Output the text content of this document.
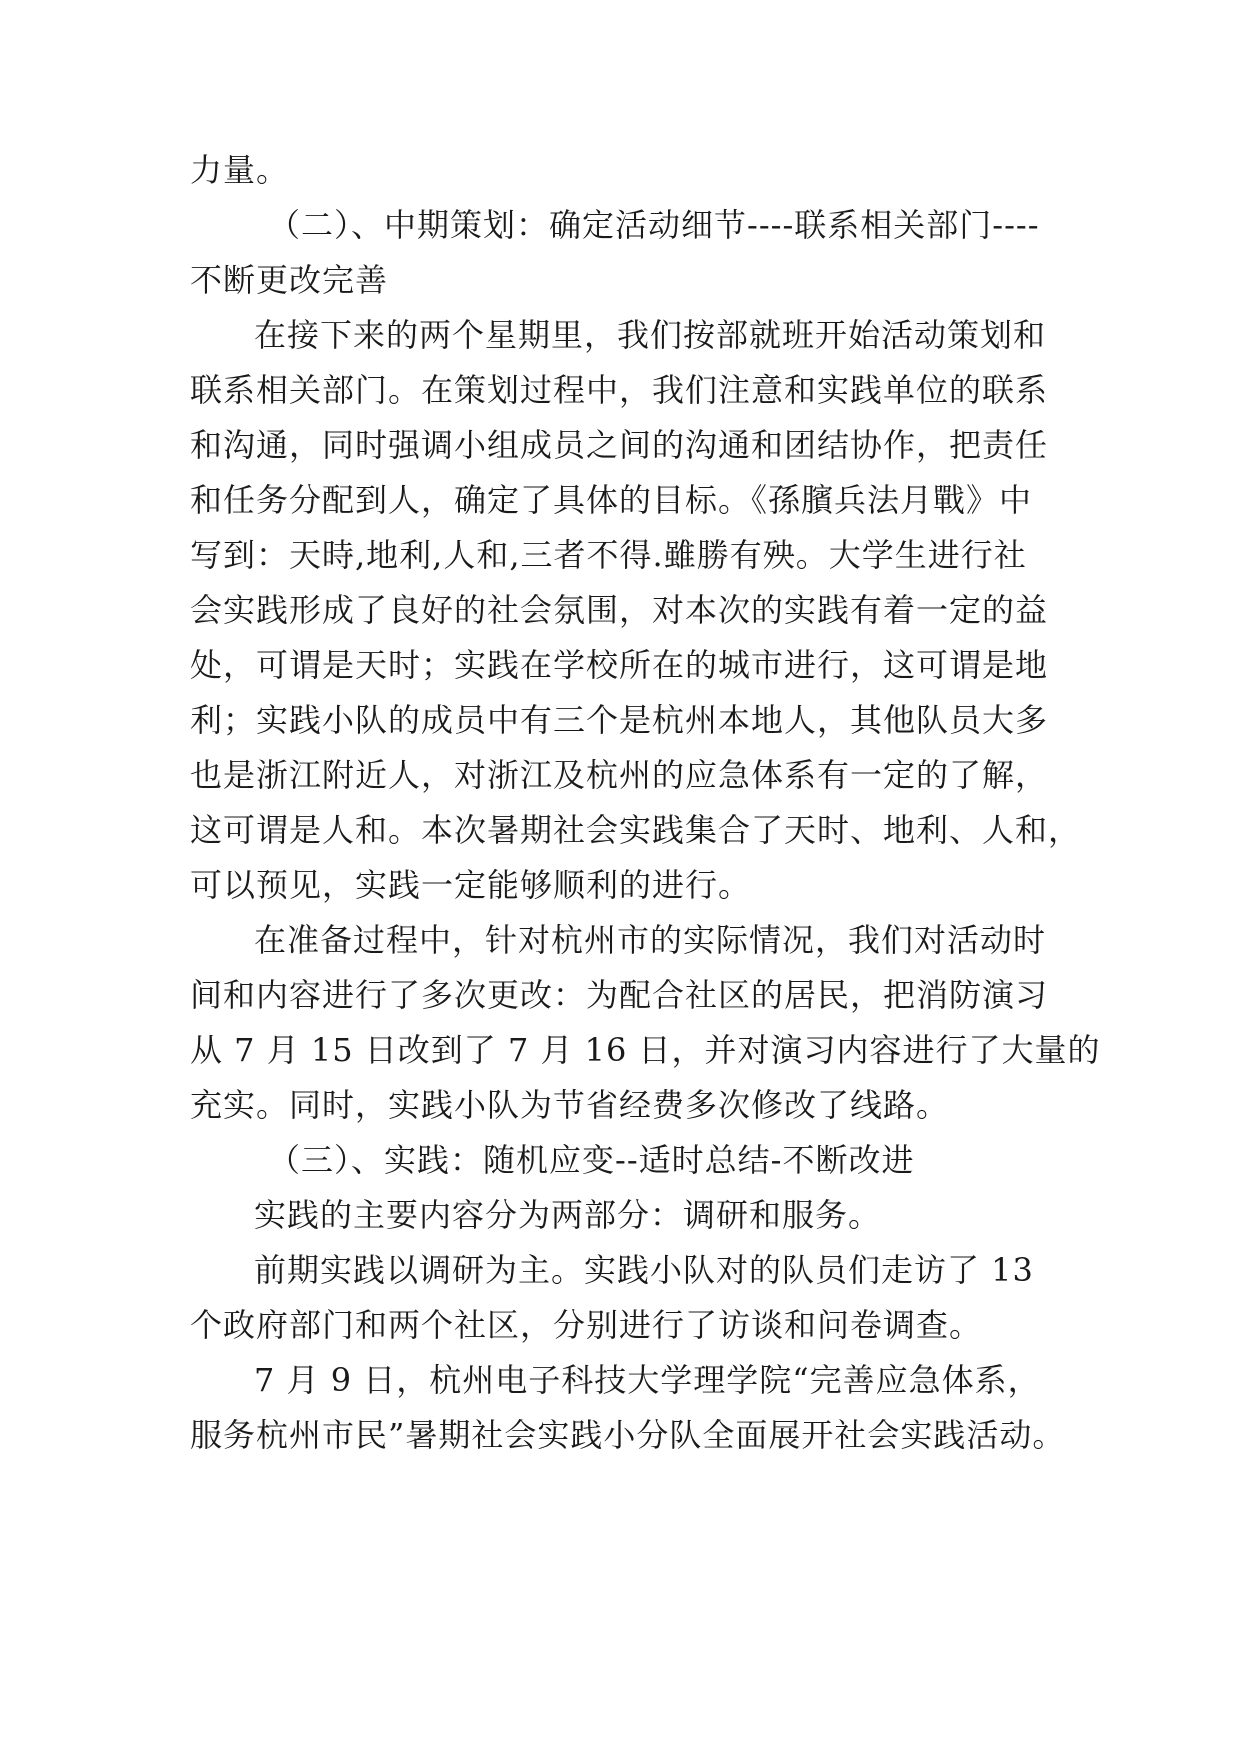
力量。
（二）、中期策划：确定活动细节----联系相关部门----
不断更改完善
在接下来的两个星期里，我们按部就班开始活动策划和
联系相关部门。在策划过程中，我们注意和实践单位的联系
和沟通，同时强调小组成员之间的沟通和团结协作，把责任
和任务分配到人，确定了具体的目标。《孫臏兵法月戰》中
写到：天時,地利,人和,三者不得.雖勝有殃。大学生进行社
会实践形成了良好的社会氛围，对本次的实践有着一定的益
处，可谓是天时；实践在学校所在的城市进行，这可谓是地
利；实践小队的成员中有三个是杭州本地人，其他队员大多
也是浙江附近人，对浙江及杭州的应急体系有一定的了解，
这可谓是人和。本次暑期社会实践集合了天时、地利、人和，
可以预见，实践一定能够顺利的进行。
在准备过程中，针对杭州市的实际情况，我们对活动时
间和内容进行了多次更改：为配合社区的居民，把消防演习
从 7 月 15 日改到了 7 月 16 日，并对演习内容进行了大量的
充实。同时，实践小队为节省经费多次修改了线路。
（三）、实践：随机应变--适时总结-不断改进
实践的主要内容分为两部分：调研和服务。
前期实践以调研为主。实践小队对的队员们走访了 13
个政府部门和两个社区，分别进行了访谈和问卷调查。
7 月 9 日，杭州电子科技大学理学院“完善应急体系，
服务杭州市民”暑期社会实践小分队全面展开社会实践活动。
